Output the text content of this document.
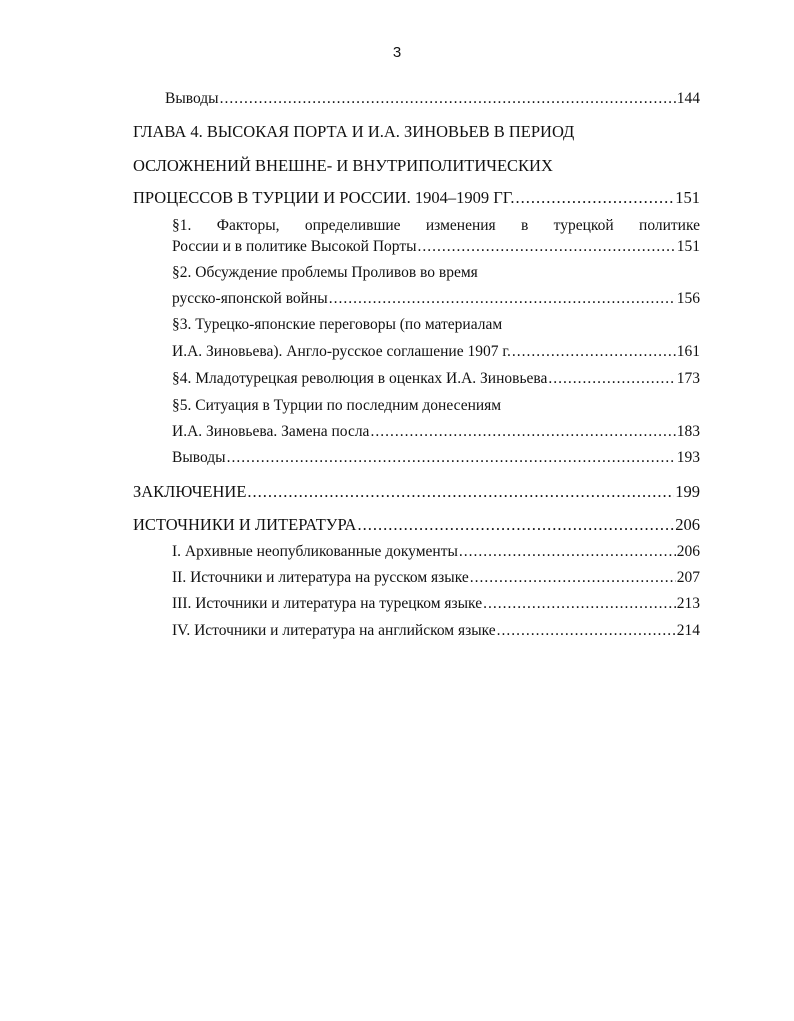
3
Выводы .....	144
ГЛАВА 4. ВЫСОКАЯ ПОРТА И И.А. ЗИНОВЬЕВ В ПЕРИОД
ОСЛОЖНЕНИЙ ВНЕШНЕ- И ВНУТРИПОЛИТИЧЕСКИХ
ПРОЦЕССОВ В ТУРЦИИ И РОССИИ. 1904–1909 ГГ. .....	151
§1. Факторы, определившие изменения в турецкой политике
России и в политике Высокой Порты .....	151
§2. Обсуждение проблемы Проливов во время
русско-японской войны .....	156
§3. Турецко-японские переговоры (по материалам
И.А. Зиновьева). Англо-русское соглашение 1907 г. .....	161
§4. Младотурецкая революция в оценках И.А. Зиновьева .....	173
§5. Ситуация в Турции по последним донесениям
И.А. Зиновьева. Замена посла .....	183
Выводы .....	193
ЗАКЛЮЧЕНИЕ .....	199
ИСТОЧНИКИ И ЛИТЕРАТУРА .....	206
I. Архивные неопубликованные документы .....	206
II. Источники и литература на русском языке .....	207
III. Источники и литература на турецком языке .....	213
IV. Источники и литература на английском языке .....	214
